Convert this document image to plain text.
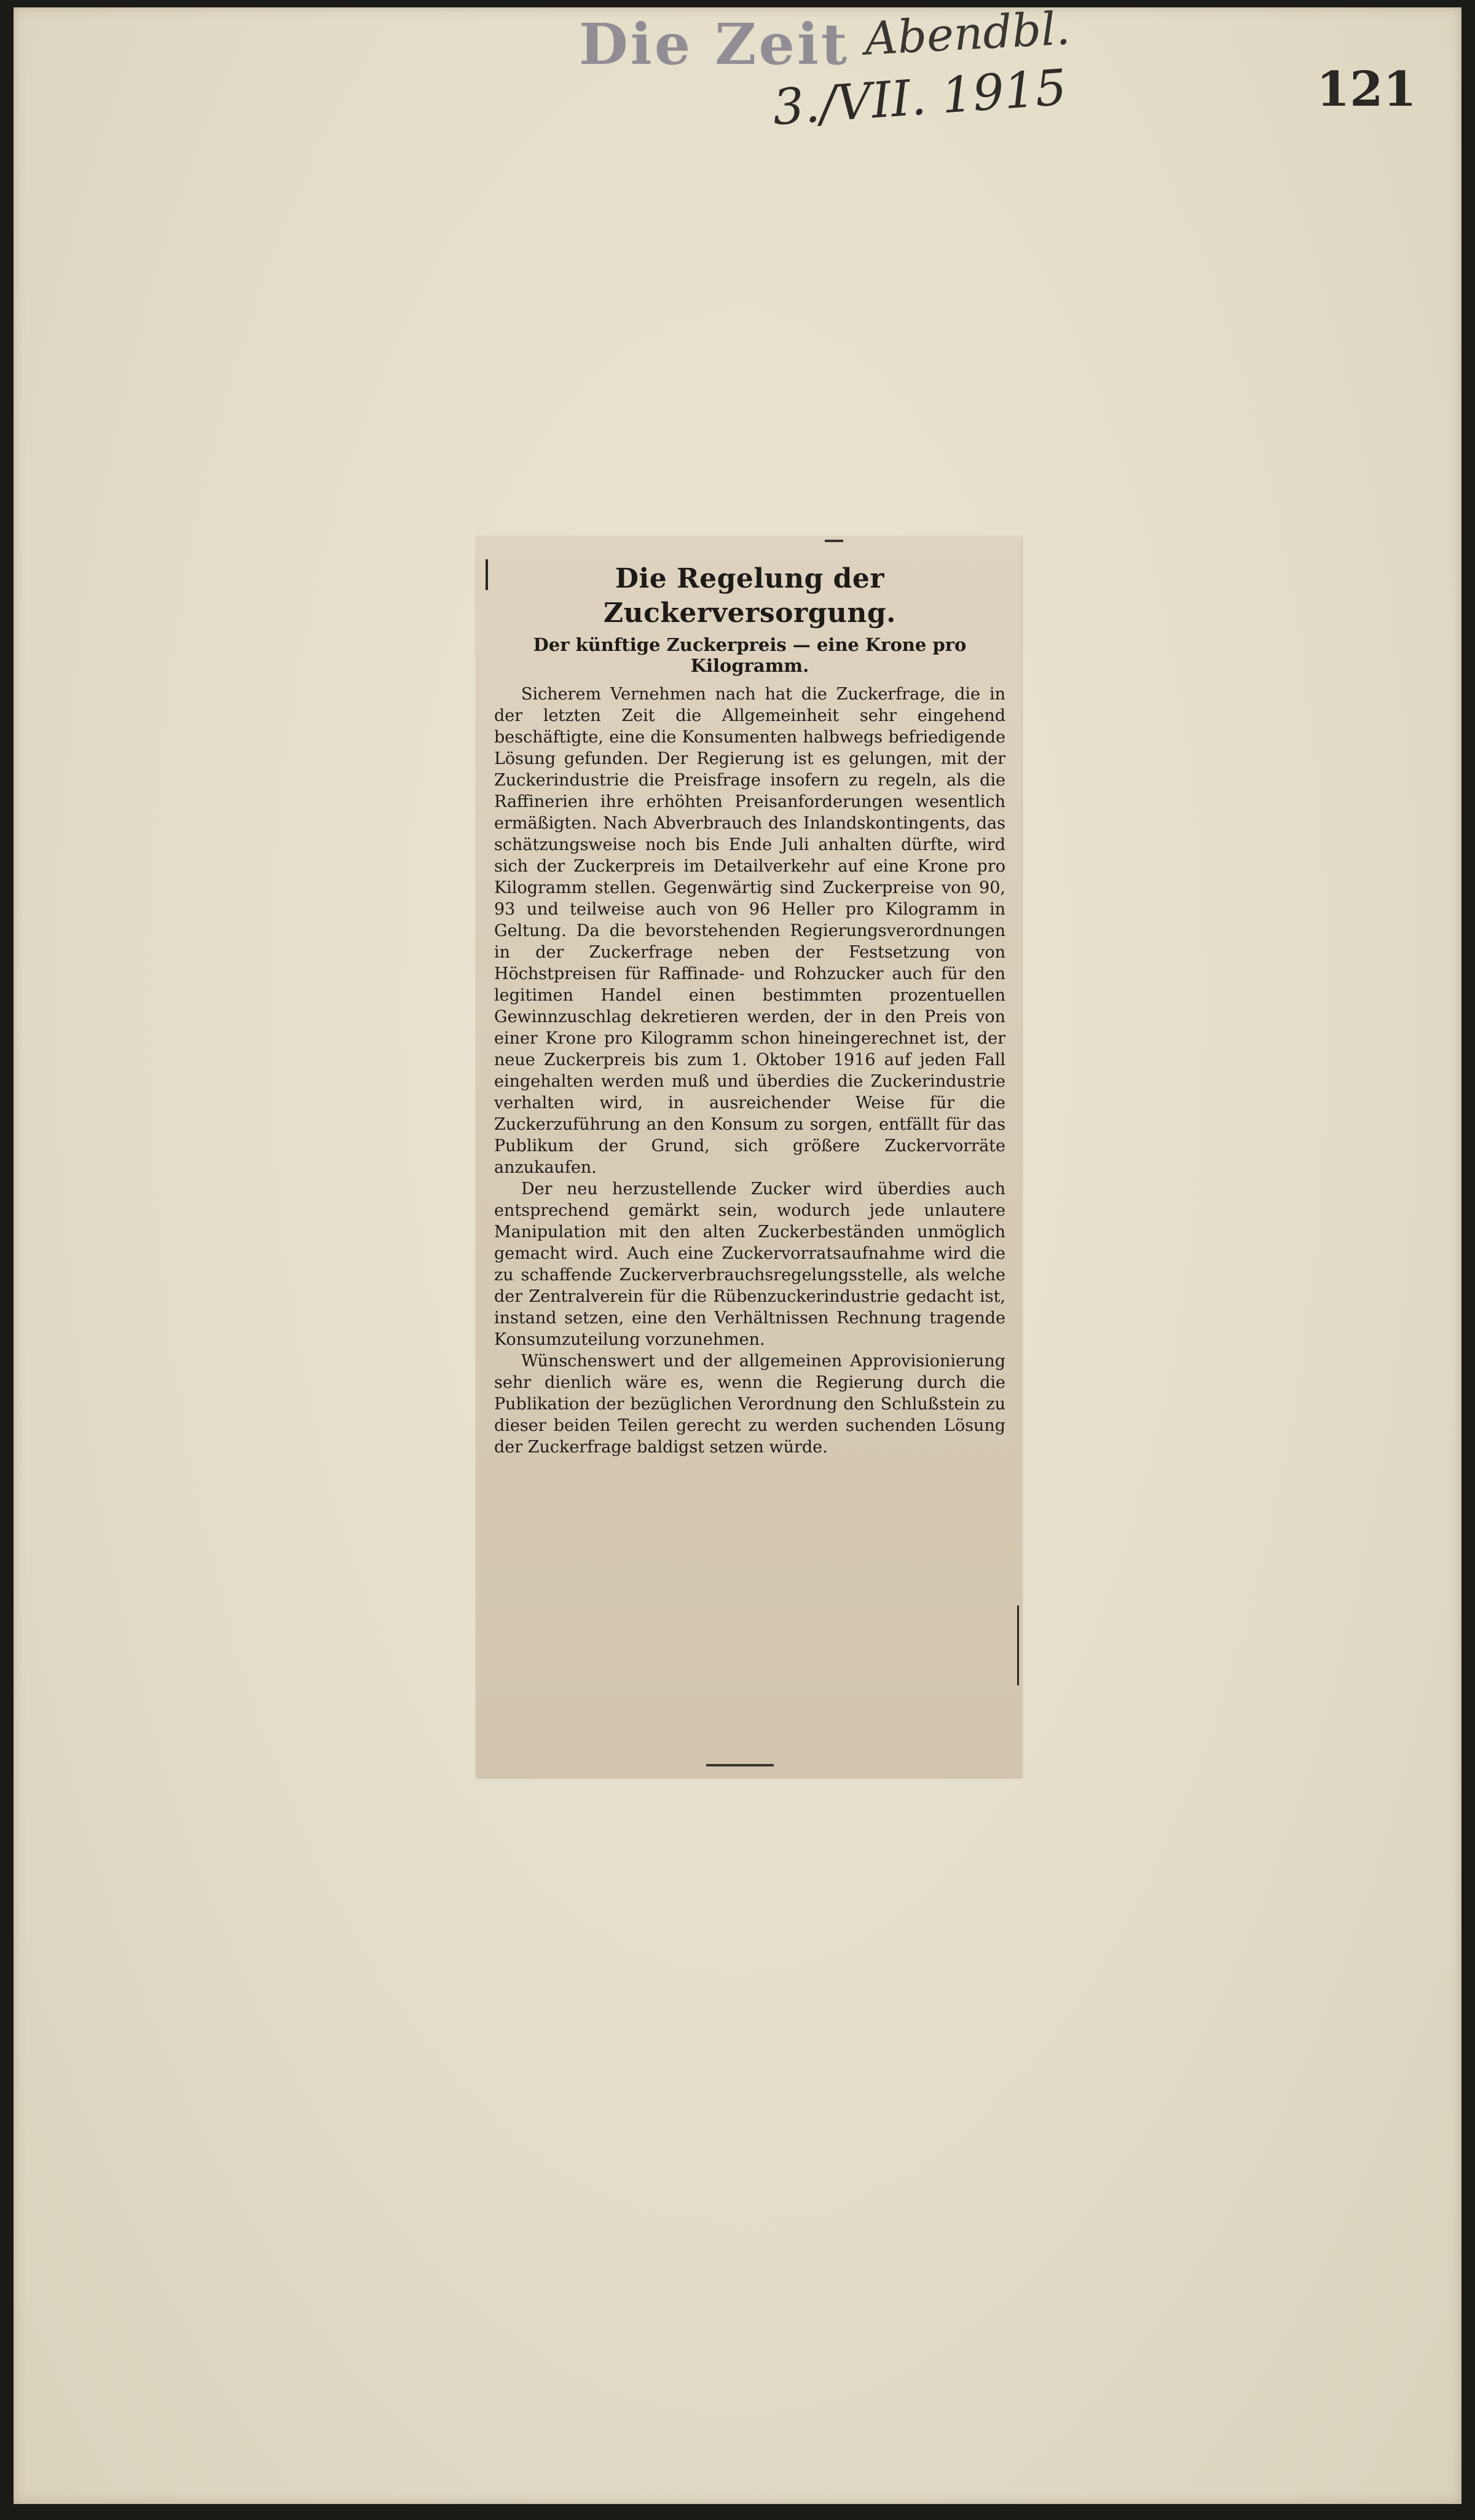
Die Zeit Abendbl.
3./VII. 1915	121
Die Regelung der Zuckerversorgung.
Der künftige Zuckerpreis — eine Krone pro Kilogramm.

Sicherem Vernehmen nach hat die Zuckerfrage, die in der letzten Zeit die Allgemeinheit sehr eingehend beschäftigte, eine die Konsumenten halbwegs befriedigende Lösung gefunden. Der Regierung ist es gelungen, mit der Zuckerindustrie die Preisfrage insofern zu regeln, als die Raffinerien ihre erhöhten Preisanforderungen wesentlich ermäßigten. Nach Abverbrauch des Inlandskontingents, das schätzungsweise noch bis Ende Juli anhalten dürfte, wird sich der Zuckerpreis im Detailverkehr auf eine Krone pro Kilogramm stellen. Gegenwärtig sind Zuckerpreise von 90, 93 und teilweise auch von 96 Heller pro Kilogramm in Geltung. Da die bevorstehenden Regierungsverordnungen in der Zuckerfrage neben der Festsetzung von Höchstpreisen für Raffinade- und Rohzucker auch für den legitimen Handel einen bestimmten prozentuellen Gewinnzuschlag dekretieren werden, der in den Preis von einer Krone pro Kilogramm schon hineingerechnet ist, der neue Zuckerpreis bis zum 1. Oktober 1916 auf jeden Fall eingehalten werden muß und überdies die Zuckerindustrie verhalten wird, in ausreichender Weise für die Zuckerzuführung an den Konsum zu sorgen, entfällt für das Publikum der Grund, sich größere Zuckervorräte anzukaufen.

Der neu herzustellende Zucker wird überdies auch entsprechend gemärkt sein, wodurch jede unlautere Manipulation mit den alten Zuckerbeständen unmöglich gemacht wird. Auch eine Zuckervorratsaufnahme wird die zu schaffende Zuckerverbrauchsregelungsstelle, als welche der Zentralverein für die Rübenzuckerindustrie gedacht ist, instand setzen, eine den Verhältnissen Rechnung tragende Konsumzuteilung vorzunehmen.

Wünschenswert und der allgemeinen Approvisionierung sehr dienlich wäre es, wenn die Regierung durch die Publikation der bezüglichen Verordnung den Schlußstein zu dieser beiden Teilen gerecht zu werden suchenden Lösung der Zuckerfrage baldigst setzen würde.
